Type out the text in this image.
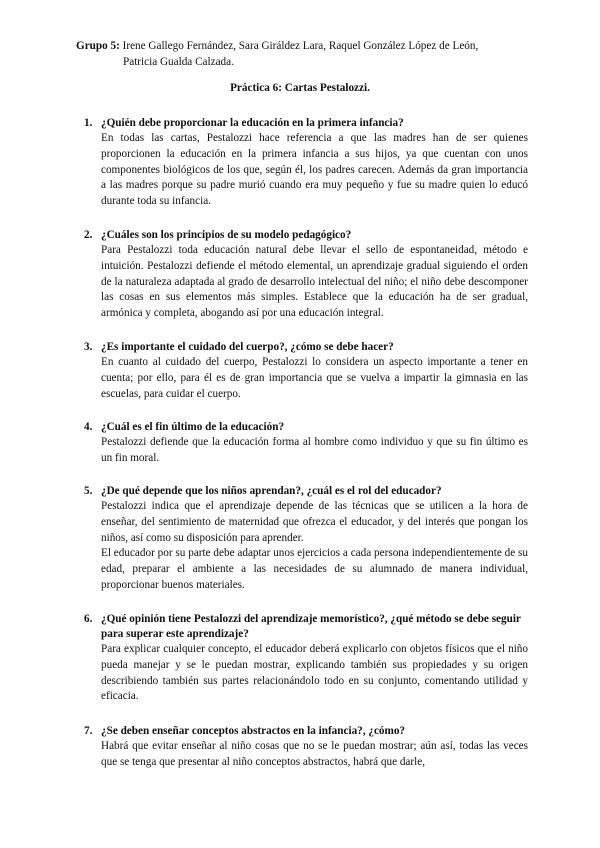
Grupo 5: Irene Gallego Fernández, Sara Giráldez Lara, Raquel González López de León,
Patricia Gualda Calzada.
Práctica 6: Cartas Pestalozzi.
1. ¿Quién debe proporcionar la educación en la primera infancia?

En todas las cartas, Pestalozzi hace referencia a que las madres han de ser quienes proporcionen la educación en la primera infancia a sus hijos, ya que cuentan con unos componentes biológicos de los que, según él, los padres carecen. Además da gran importancia a las madres porque su padre murió cuando era muy pequeño y fue su madre quien lo educó durante toda su infancia.

2. ¿Cuáles son los principios de su modelo pedagógico?

Para Pestalozzi toda educación natural debe llevar el sello de espontaneidad, método e intuición. Pestalozzi defiende el método elemental, un aprendizaje gradual siguiendo el orden de la naturaleza adaptada al grado de desarrollo intelectual del niño; el niño debe descomponer las cosas en sus elementos más simples. Establece que la educación ha de ser gradual, armónica y completa, abogando así por una educación integral.

3. ¿Es importante el cuidado del cuerpo?, ¿cómo se debe hacer?

En cuanto al cuidado del cuerpo, Pestalozzi lo considera un aspecto importante a tener en cuenta; por ello, para él es de gran importancia que se vuelva a impartir la gimnasia en las escuelas, para cuidar el cuerpo.

4. ¿Cuál es el fin último de la educación?

Pestalozzi defiende que la educación forma al hombre como individuo y que su fin último es un fin moral.

5. ¿De qué depende que los niños aprendan?, ¿cuál es el rol del educador?

Pestalozzi indica que el aprendizaje depende de las técnicas que se utilicen a la hora de enseñar, del sentimiento de maternidad que ofrezca el educador, y del interés que pongan los niños, así como su disposición para aprender.

El educador por su parte debe adaptar unos ejercicios a cada persona independientemente de su edad, preparar el ambiente a las necesidades de su alumnado de manera individual, proporcionar buenos materiales.

6. ¿Qué opinión tiene Pestalozzi del aprendizaje memorístico?, ¿qué método se debe seguir para superar este aprendizaje?

Para explicar cualquier concepto, el educador deberá explicarlo con objetos físicos que el niño pueda manejar y se le puedan mostrar, explicando también sus propiedades y su origen describiendo también sus partes relacionándolo todo en su conjunto, comentando utilidad y eficacia.

7. ¿Se deben enseñar conceptos abstractos en la infancia?, ¿cómo?

Habrá que evitar enseñar al niño cosas que no se le puedan mostrar; aún así, todas las veces que se tenga que presentar al niño conceptos abstractos, habrá que darle,
